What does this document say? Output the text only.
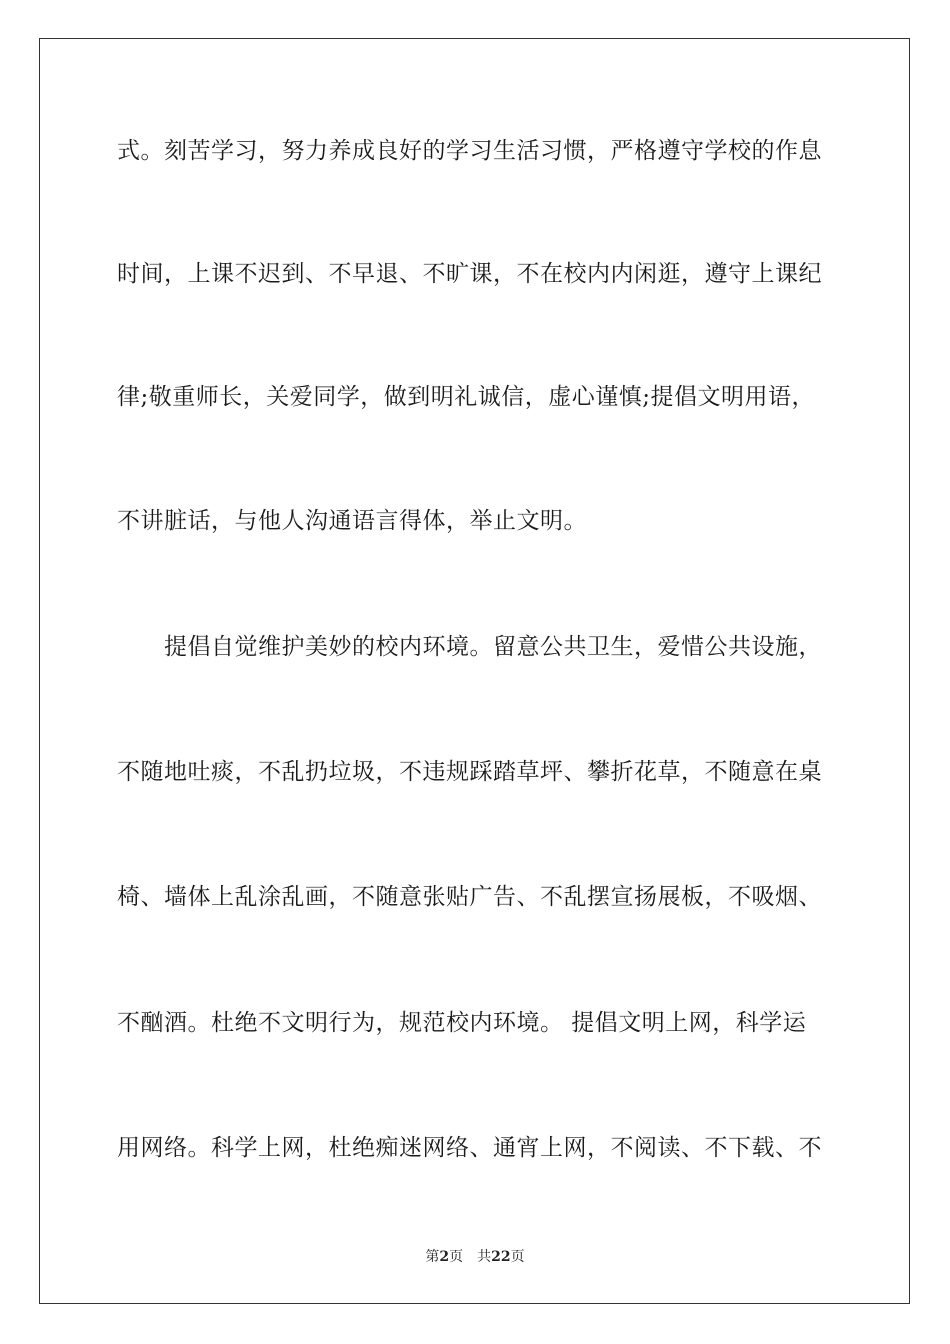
式。刻苦学习，努力养成良好的学习生活习惯，严格遵守学校的作息
时间，上课不迟到、不早退、不旷课，不在校内内闲逛，遵守上课纪
律;敬重师长，关爱同学，做到明礼诚信，虚心谨慎;提倡文明用语，
不讲脏话，与他人沟通语言得体，举止文明。
提倡自觉维护美妙的校内环境。留意公共卫生，爱惜公共设施，
不随地吐痰，不乱扔垃圾，不违规踩踏草坪、攀折花草，不随意在桌
椅、墙体上乱涂乱画，不随意张贴广告、不乱摆宣扬展板，不吸烟、
不酗酒。杜绝不文明行为，规范校内环境。 提倡文明上网，科学运
用网络。科学上网，杜绝痴迷网络、通宵上网，不阅读、不下载、不
第2页 共22页
